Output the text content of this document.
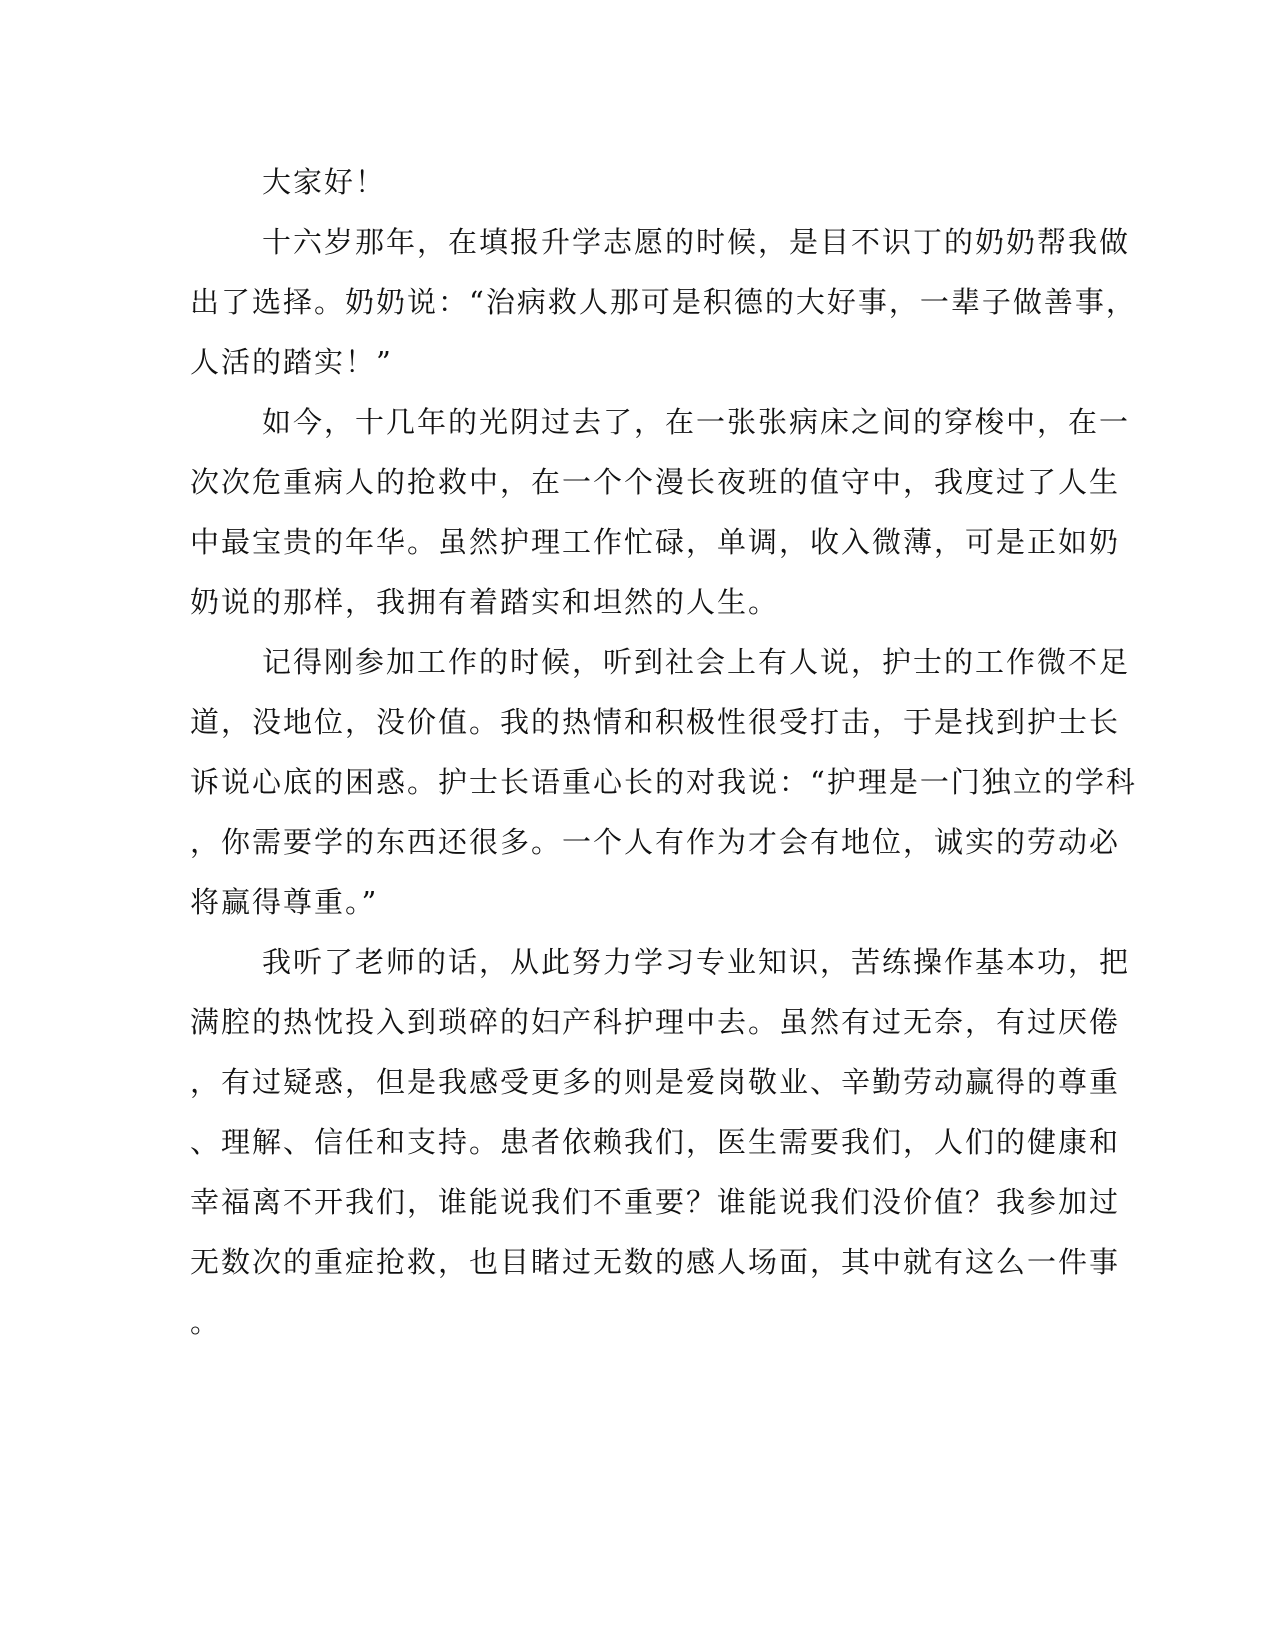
大家好！
十六岁那年，在填报升学志愿的时候，是目不识丁的奶奶帮我做
出了选择。奶奶说：“治病救人那可是积德的大好事，一辈子做善事，
人活的踏实！”
如今，十几年的光阴过去了，在一张张病床之间的穿梭中，在一
次次危重病人的抢救中，在一个个漫长夜班的值守中，我度过了人生
中最宝贵的年华。虽然护理工作忙碌，单调，收入微薄，可是正如奶
奶说的那样，我拥有着踏实和坦然的人生。
记得刚参加工作的时候，听到社会上有人说，护士的工作微不足
道，没地位，没价值。我的热情和积极性很受打击，于是找到护士长
诉说心底的困惑。护士长语重心长的对我说：“护理是一门独立的学科
，你需要学的东西还很多。一个人有作为才会有地位，诚实的劳动必
将赢得尊重。”
我听了老师的话，从此努力学习专业知识，苦练操作基本功，把
满腔的热忱投入到琐碎的妇产科护理中去。虽然有过无奈，有过厌倦
，有过疑惑，但是我感受更多的则是爱岗敬业、辛勤劳动赢得的尊重
、理解、信任和支持。患者依赖我们，医生需要我们，人们的健康和
幸福离不开我们，谁能说我们不重要？谁能说我们没价值？我参加过
无数次的重症抢救，也目睹过无数的感人场面，其中就有这么一件事
。
